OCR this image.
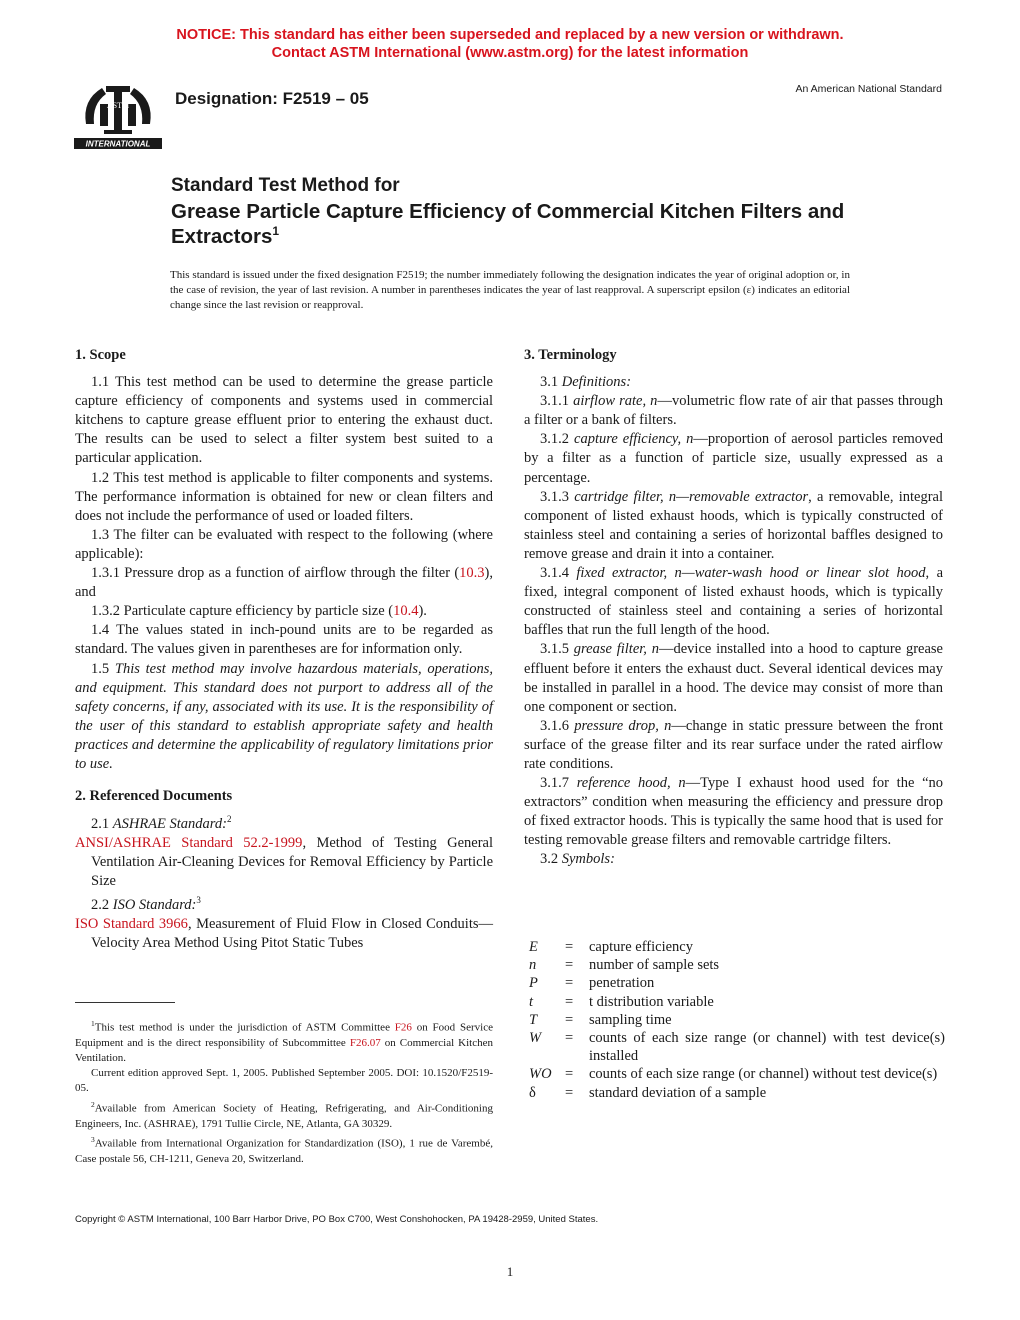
NOTICE: This standard has either been superseded and replaced by a new version or withdrawn.
Contact ASTM International (www.astm.org) for the latest information
ASTM
INTERNATIONAL
Designation: F2519 – 05	An American National Standard
Standard Test Method for
Grease Particle Capture Efficiency of Commercial Kitchen Filters and Extractors$^1$
This standard is issued under the fixed designation F2519; the number immediately following the designation indicates the year of original adoption or, in the case of revision, the year of last revision. A number in parentheses indicates the year of last reapproval. A superscript epsilon (ε) indicates an editorial change since the last revision or reapproval.

1. Scope

1.1 This test method can be used to determine the grease particle capture efficiency of components and systems used in commercial kitchens to capture grease effluent prior to entering the exhaust duct. The results can be used to select a filter system best suited to a particular application.

1.2 This test method is applicable to filter components and systems. The performance information is obtained for new or clean filters and does not include the performance of used or loaded filters.

1.3 The filter can be evaluated with respect to the following (where applicable):

1.3.1 Pressure drop as a function of airflow through the filter (10.3), and

1.3.2 Particulate capture efficiency by particle size (10.4).

1.4 The values stated in inch-pound units are to be regarded as standard. The values given in parentheses are for information only.

1.5 This test method may involve hazardous materials, operations, and equipment. This standard does not purport to address all of the safety concerns, if any, associated with its use. It is the responsibility of the user of this standard to establish appropriate safety and health practices and determine the applicability of regulatory limitations prior to use.

2. Referenced Documents

2.1 ASHRAE Standard:$^2$

ANSI/ASHRAE Standard 52.2-1999, Method of Testing General Ventilation Air-Cleaning Devices for Removal Efficiency by Particle Size

2.2 ISO Standard:$^3$

ISO Standard 3966, Measurement of Fluid Flow in Closed Conduits—Velocity Area Method Using Pitot Static Tubes

$^1$This test method is under the jurisdiction of ASTM Committee F26 on Food Service Equipment and is the direct responsibility of Subcommittee F26.07 on Commercial Kitchen Ventilation.

Current edition approved Sept. 1, 2005. Published September 2005. DOI: 10.1520/F2519-05.

$^2$Available from American Society of Heating, Refrigerating, and Air-Conditioning Engineers, Inc. (ASHRAE), 1791 Tullie Circle, NE, Atlanta, GA 30329.

$^3$Available from International Organization for Standardization (ISO), 1 rue de Varembé, Case postale 56, CH-1211, Geneva 20, Switzerland.

3. Terminology

3.1 Definitions:

3.1.1 airflow rate, n—volumetric flow rate of air that passes through a filter or a bank of filters.

3.1.2 capture efficiency, n—proportion of aerosol particles removed by a filter as a function of particle size, usually expressed as a percentage.

3.1.3 cartridge filter, n—removable extractor, a removable, integral component of listed exhaust hoods, which is typically constructed of stainless steel and containing a series of horizontal baffles designed to remove grease and drain it into a container.

3.1.4 fixed extractor, n—water-wash hood or linear slot hood, a fixed, integral component of listed exhaust hoods, which is typically constructed of stainless steel and containing a series of horizontal baffles that run the full length of the hood.

3.1.5 grease filter, n—device installed into a hood to capture grease effluent before it enters the exhaust duct. Several identical devices may be installed in parallel in a hood. The device may consist of more than one component or section.

3.1.6 pressure drop, n—change in static pressure between the front surface of the grease filter and its rear surface under the rated airflow rate conditions.

3.1.7 reference hood, n—Type I exhaust hood used for the “no extractors” condition when measuring the efficiency and pressure drop of fixed extractor hoods. This is typically the same hood that is used for testing removable grease filters and removable cartridge filters.

3.2 Symbols:

E	=	capture efficiency
n	=	number of sample sets
P	=	penetration
t	=	t distribution variable
T	=	sampling time
W	=	counts of each size range (or channel) with test device(s) installed
WO	=	counts of each size range (or channel) without test device(s)
δ	=	standard deviation of a sample
Copyright © ASTM International, 100 Barr Harbor Drive, PO Box C700, West Conshohocken, PA 19428-2959, United States.
1
